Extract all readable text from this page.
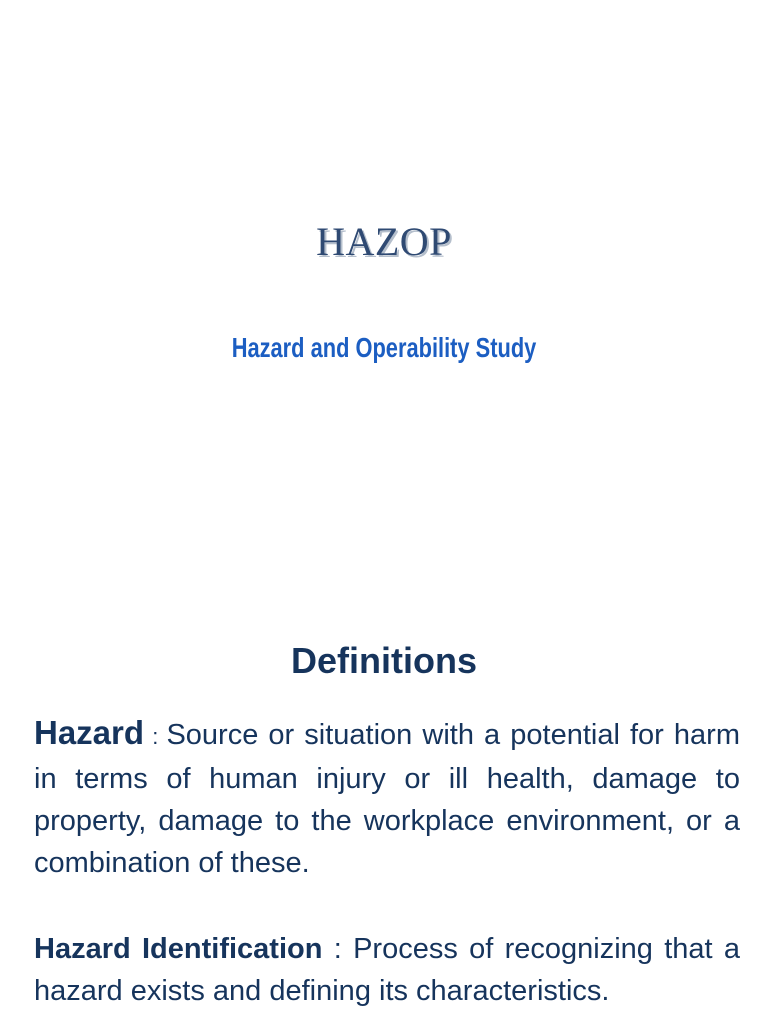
HAZOP
Hazard and Operability Study
Definitions
Hazard : Source or situation with a potential for harm in terms of human injury or ill health, damage to property, damage to the workplace environment, or a combination of these.
Hazard Identification : Process of recognizing that a hazard exists and defining its characteristics.
